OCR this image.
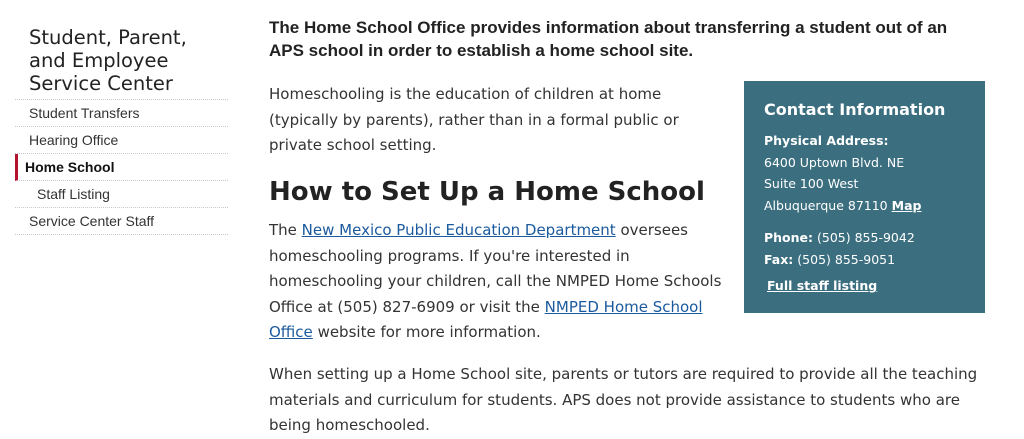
Student, Parent, and Employee Service Center
Student Transfers
Hearing Office
Home School
Staff Listing
Service Center Staff

The Home School Office provides information about transferring a student out of an APS school in order to establish a home school site.

Homeschooling is the education of children at home (typically by parents), rather than in a formal public or private school setting.

How to Set Up a Home School

The New Mexico Public Education Department oversees homeschooling programs. If you're interested in homeschooling your children, call the NMPED Home Schools Office at (505) 827-6909 or visit the NMPED Home School Office website for more information.

When setting up a Home School site, parents or tutors are required to provide all the teaching materials and curriculum for students. APS does not provide assistance to students who are being homeschooled.

Contact Information

Physical Address:

6400 Uptown Blvd. NE

Suite 100 West

Albuquerque 87110 Map

Phone: (505) 855-9042

Fax: (505) 855-9051

Full staff listing
